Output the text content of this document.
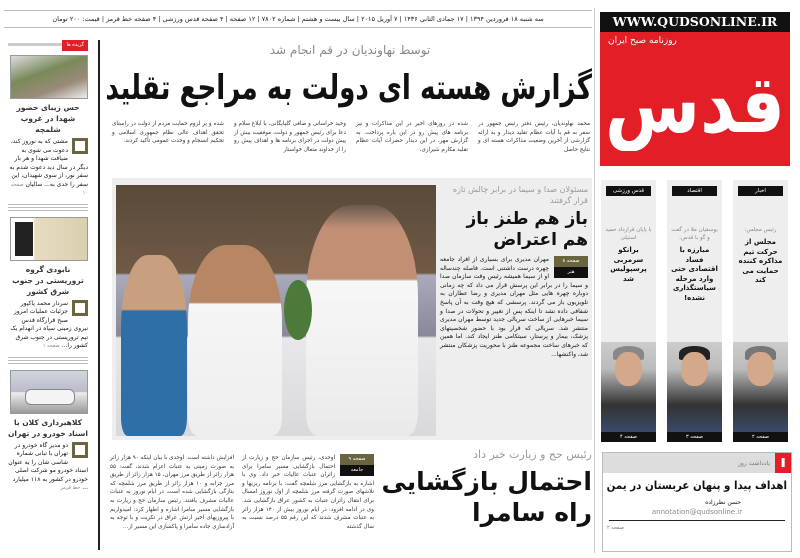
سه شنبه ۱۸ فروردین ۱۳۹۴ | ۱۷ جمادی الثانی ۱۴۳۶ | ۷ آوریل ۲۰۱۵ | سال بیست و هشتم | شماره ۷۸۰۲ | ۱۲ صفحه | ۴ صفحه قدس ورزشی | ۴ صفحه خط قرمز | قیمت: ۲۰۰ تومان
گزیده ها
حس زیبای حضور شهدا در غروب شلمچه
مشتی که به نوروز کند، دعوت می شوی به ضیافت شهدا و هر بار دیگر در سال دید دعوت شدم به سفر نور، از سوی شهیدان، این سفر را جدی به... سالیان صفحه ۱۰
نابودی گروه تروریستی در جنوب شرق کشور
سردار محمد پاکپور جزئیات عملیات امروز صبح قرارگاه قدس نیروی زمینی سپاه در انهدام یک تیم تروریستی در جنوب شرق کشور را... صفحه ۱
کلاهبرداری کلان با اسناد خودرو در تهران
دو مدیر گاه خودرو در تهران با تبانی شماره شاسی شان را به عنوان اسناد خودرو مو شرکت اصلی خودرو در کشور به ۱۱۸ میلیارد ... خط قرمز
توسط نهاوندیان در قم انجام شد
گزارش هسته ای دولت به مراجع تقلید

محمد نهاوندیان، رئیس دفتر رئیس جمهور در سفر به قم با آیات عظام تقلید دیدار و به ارائه گزارشی از آخرین وضعیت مذاکرات هسته ای و نتایج حاصل

شده در روزهای اخیر در این مذاکرات و نیز برنامه های پیش رو در این باره پرداخت. به گزارش مهر، در این دیدار حضرات آیات عظام تقلید مکارم شیرازی،

وحید خراسانی و صافی گلپایگانی، با ابلاغ سلام و دعا برای رئیس جمهور و دولت، موفقیت بیش از پیش دولت در اجرای برنامه ها و اهداف پیش رو را از خداوند متعال خواستار

شده و بر لزوم حمایت مردم از دولت در راستای تحقق اهداف عالی نظام جمهوری اسلامی و تحکیم انسجام و وحدت عمومی تأکید کردند.

مسئولان صدا و سیما در برابر چالش تازه قرار گرفتند
باز هم طنز باز هم اعتراض
صفحه ۸
هنر
مهران مدیری برای بسیاری از افراد جامعه چهره درست داشتنی است. فاصله چندساله او از سیما همیشه رئیس وقت سازمان صدا و سیما را در برابر این پرسش قرار می داد که چه زمانی دوباره چهره هایی مثل مهران مدیری و رضا عطاران به تلویزیون باز می گردند. پرسشی که هیچ وقت به آن پاسخ شفافی داده نشد تا اینکه پس از تغییر و تحولات در صدا و سیما خبرهایی از ساخت سریالی جدید توسط مهران مدیری منتشر شد. سریالی که قرار بود با حضور شخصیتهای پزشک، بیمار و پرستار، سیتکامی طنز ایجاد کند. اما همین که خبرهای ساخت مجموعه طنز با محوریت پزشکان منتشر شد، واکنشها...
رئیس حج و زیارت خبر داد
احتمال بازگشایی راه سامرا
صفحه ۹
جامعه
اوحدی، رئیس سازمان حج و زیارت از احتمال بازگشایی مسیر سامرا برای زائران عتبات عالیات خبر داد. وی با اشاره به بازگشایی مرز شلمچه گفت: با برنامه ریزیها و تلاشهای صورت گرفته مرز شلمچه از اول نوروز امسال برای انتقال زائران عتبات به کشور عراق بازگشایی شد. وی در ادامه افزود: در ایام نوروز بیش از ۱۴۰ هزار زائر به عتبات مشرف شدند که این رقم ۵۵ درصد نسبت به سال گذشته
افزایش داشته است. اوحدی با بیان اینکه ۹۰ هزار زائر به صورت زمینی به عتبات اعزام شدند، گفت: ۵۵ هزار زائر از طریق مرز مهران، ۱۵ هزار زائر از طریق مرز چزابه و ۱۰ هزار زائر از طریق مرز شلمچه که بتازگی بازگشایی شده است، در ایام نوروز به عتبات عالیات مشرف یافتند. رئیس سازمان حج و زیارت به بازگشایی مسیر سامرا اشاره و اظهار کرد: امیدواریم با پیروزیهای اخیر ارتش عراق در تکریت و با توجه به آزادسازی جاده سامرا و پاکسازی این مسیر از...
WWW.QUDSONLINE.IR
روزنامه صبح ایران
قدس
اخبار
رئیس مجلس:
مجلس از حرکت تیم مذاکره کننده حمایت می کند
صفحه ۲
اقتصاد
یوسفیان ملا در گفت و گو با قدس:
مبارزه با فساد اقتصادی حتی وارد مرحله سیاستگذاری نشده!
صفحه ۳
قدس ورزشی
با پایان قرارداد حمید استیلی
برانکو سرمربی پرسپولیس شد
صفحه ۴
❚
یادداشت روز
اهداف پیدا و پنهان عربستان در یمن
حسن نظرزاده
annotation@qudsonline.ir
صفحه ۲
